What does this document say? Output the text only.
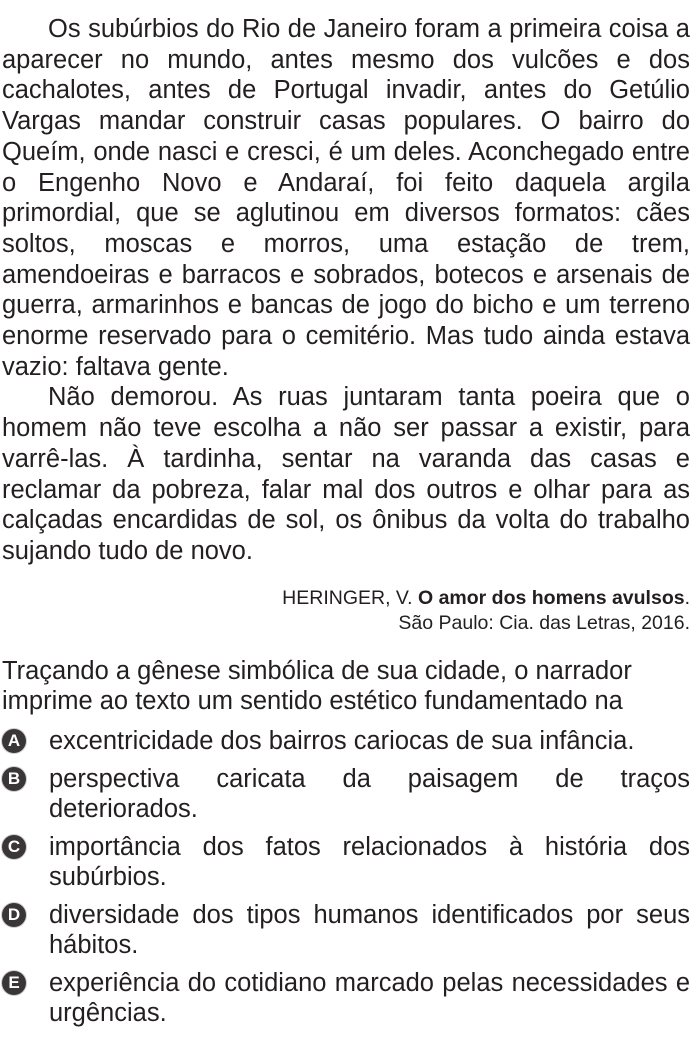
Os subúrbios do Rio de Janeiro foram a primeira coisa a aparecer no mundo, antes mesmo dos vulcões e dos cachalotes, antes de Portugal invadir, antes do Getúlio Vargas mandar construir casas populares. O bairro do Queím, onde nasci e cresci, é um deles. Aconchegado entre o Engenho Novo e Andaraí, foi feito daquela argila primordial, que se aglutinou em diversos formatos: cães soltos, moscas e morros, uma estação de trem, amendoeiras e barracos e sobrados, botecos e arsenais de guerra, armarinhos e bancas de jogo do bicho e um terreno enorme reservado para o cemitério. Mas tudo ainda estava vazio: faltava gente.

Não demorou. As ruas juntaram tanta poeira que o homem não teve escolha a não ser passar a existir, para varrê-las. À tardinha, sentar na varanda das casas e reclamar da pobreza, falar mal dos outros e olhar para as calçadas encardidas de sol, os ônibus da volta do trabalho sujando tudo de novo.

HERINGER, V. O amor dos homens avulsos.
São Paulo: Cia. das Letras, 2016.
Traçando a gênese simbólica de sua cidade, o narrador imprime ao texto um sentido estético fundamentado na
A excentricidade dos bairros cariocas de sua infância.
B perspectiva caricata da paisagem de traços deteriorados.
C importância dos fatos relacionados à história dos subúrbios.
D diversidade dos tipos humanos identificados por seus hábitos.
E experiência do cotidiano marcado pelas necessidades e urgências.
